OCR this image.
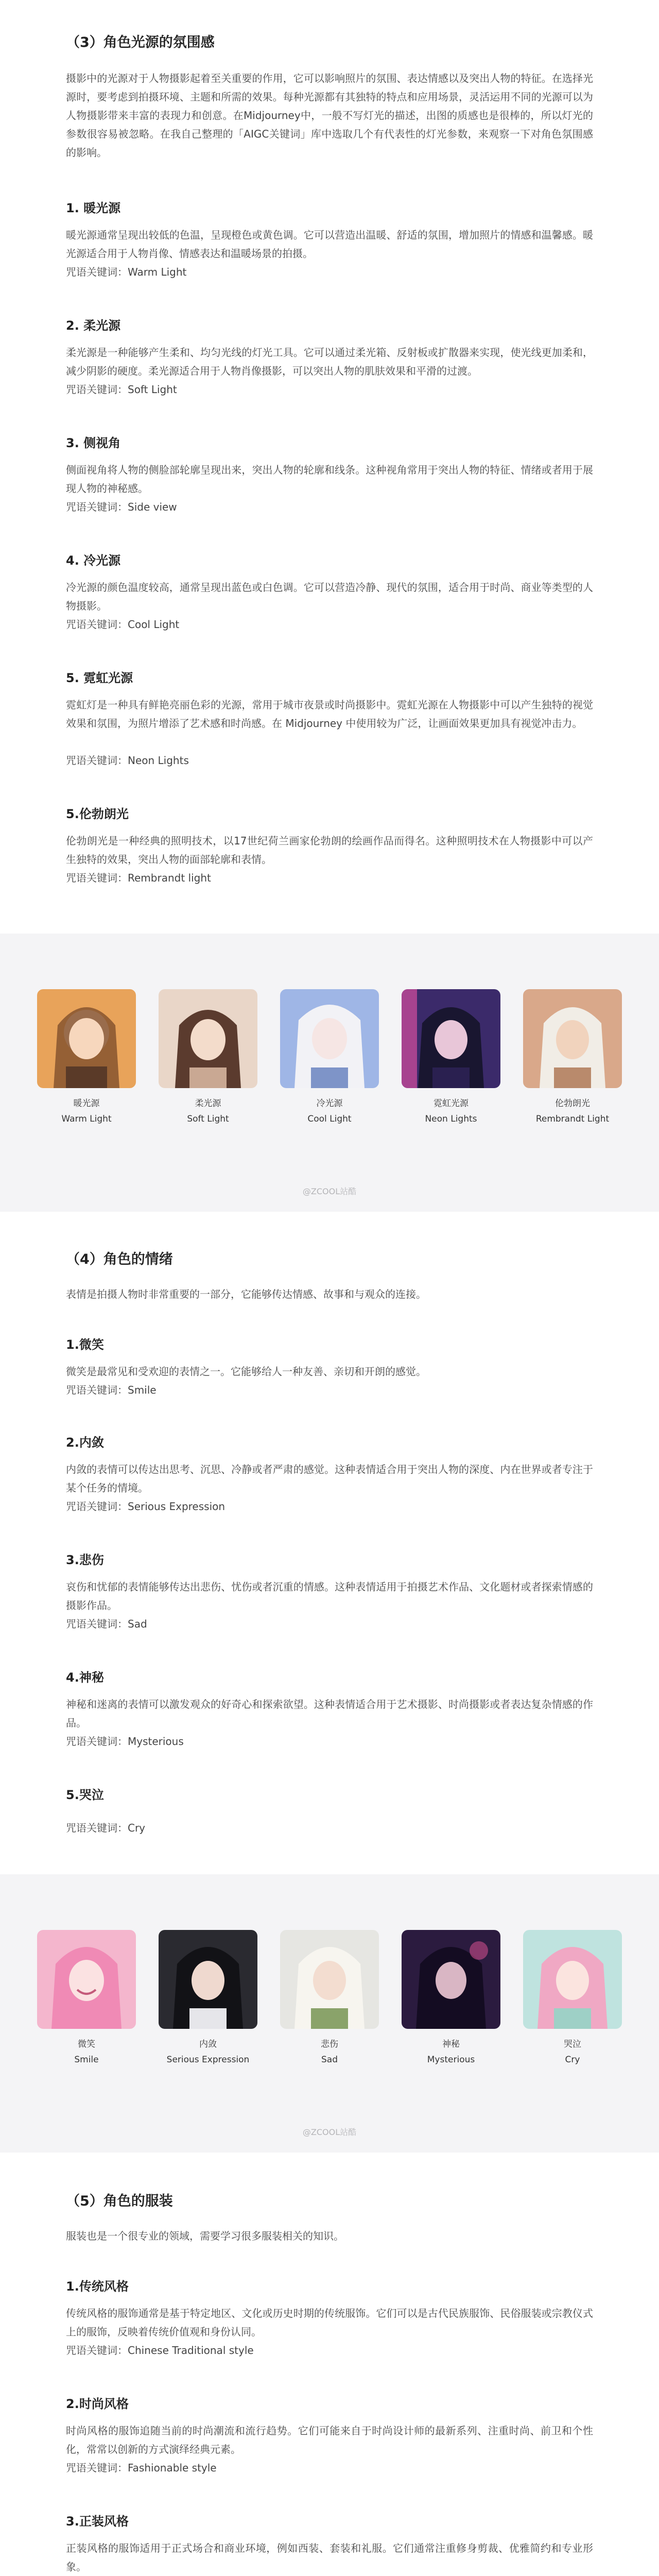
（3）角色光源的氛围感

摄影中的光源对于人物摄影起着至关重要的作用，它可以影响照片的氛围、表达情感以及突出人物的特征。在选择光源时，要考虑到拍摄环境、主题和所需的效果。每种光源都有其独特的特点和应用场景，灵活运用不同的光源可以为人物摄影带来丰富的表现力和创意。在Midjourney中，一般不写灯光的描述，出图的质感也是很棒的，所以灯光的参数很容易被忽略。在我自己整理的「AIGC关键词」库中选取几个有代表性的灯光参数，来观察一下对角色氛围感的影响。

1. 暖光源

暖光源通常呈现出较低的色温，呈现橙色或黄色调。它可以营造出温暖、舒适的氛围，增加照片的情感和温馨感。暖光源适合用于人物肖像、情感表达和温暖场景的拍摄。

咒语关键词：Warm Light
2. 柔光源

柔光源是一种能够产生柔和、均匀光线的灯光工具。它可以通过柔光箱、反射板或扩散器来实现，使光线更加柔和，减少阴影的硬度。柔光源适合用于人物肖像摄影，可以突出人物的肌肤效果和平滑的过渡。

咒语关键词：Soft Light
3. 侧视角

侧面视角将人物的侧脸部轮廓呈现出来，突出人物的轮廓和线条。这种视角常用于突出人物的特征、情绪或者用于展现人物的神秘感。

咒语关键词：Side view
4. 冷光源

冷光源的颜色温度较高，通常呈现出蓝色或白色调。它可以营造冷静、现代的氛围，适合用于时尚、商业等类型的人物摄影。

咒语关键词：Cool Light
5. 霓虹光源

霓虹灯是一种具有鲜艳亮丽色彩的光源，常用于城市夜景或时尚摄影中。霓虹光源在人物摄影中可以产生独特的视觉效果和氛围，为照片增添了艺术感和时尚感。在 Midjourney 中使用较为广泛，让画面效果更加具有视觉冲击力。

咒语关键词：Neon Lights
5.伦勃朗光

伦勃朗光是一种经典的照明技术，以17世纪荷兰画家伦勃朗的绘画作品而得名。这种照明技术在人物摄影中可以产生独特的效果，突出人物的面部轮廓和表情。

咒语关键词：Rembrandt light
暖光源
Warm Light
柔光源
Soft Light
冷光源
Cool Light
霓虹光源
Neon Lights
伦勃朗光
Rembrandt Light
@ZCOOL站酷
（4）角色的情绪

表情是拍摄人物时非常重要的一部分，它能够传达情感、故事和与观众的连接。

1.微笑

微笑是最常见和受欢迎的表情之一。它能够给人一种友善、亲切和开朗的感觉。

咒语关键词：Smile
2.内敛

内敛的表情可以传达出思考、沉思、冷静或者严肃的感觉。这种表情适合用于突出人物的深度、内在世界或者专注于某个任务的情境。

咒语关键词：Serious Expression
3.悲伤

哀伤和忧郁的表情能够传达出悲伤、忧伤或者沉重的情感。这种表情适用于拍摄艺术作品、文化题材或者探索情感的摄影作品。

咒语关键词：Sad
4.神秘

神秘和迷离的表情可以激发观众的好奇心和探索欲望。这种表情适合用于艺术摄影、时尚摄影或者表达复杂情感的作品。

咒语关键词：Mysterious
5.哭泣
咒语关键词：Cry
微笑
Smile
内敛
Serious Expression
悲伤
Sad
神秘
Mysterious
哭泣
Cry
@ZCOOL站酷
（5）角色的服装

服装也是一个很专业的领域，需要学习很多服装相关的知识。

1.传统风格

传统风格的服饰通常是基于特定地区、文化或历史时期的传统服饰。它们可以是古代民族服饰、民俗服装或宗教仪式上的服饰，反映着传统价值观和身份认同。

咒语关键词：Chinese Traditional style
2.时尚风格

时尚风格的服饰追随当前的时尚潮流和流行趋势。它们可能来自于时尚设计师的最新系列、注重时尚、前卫和个性化，常常以创新的方式演绎经典元素。

咒语关键词：Fashionable style
3.正装风格

正装风格的服饰适用于正式场合和商业环境，例如西装、套装和礼服。它们通常注重修身剪裁、优雅简约和专业形象。
